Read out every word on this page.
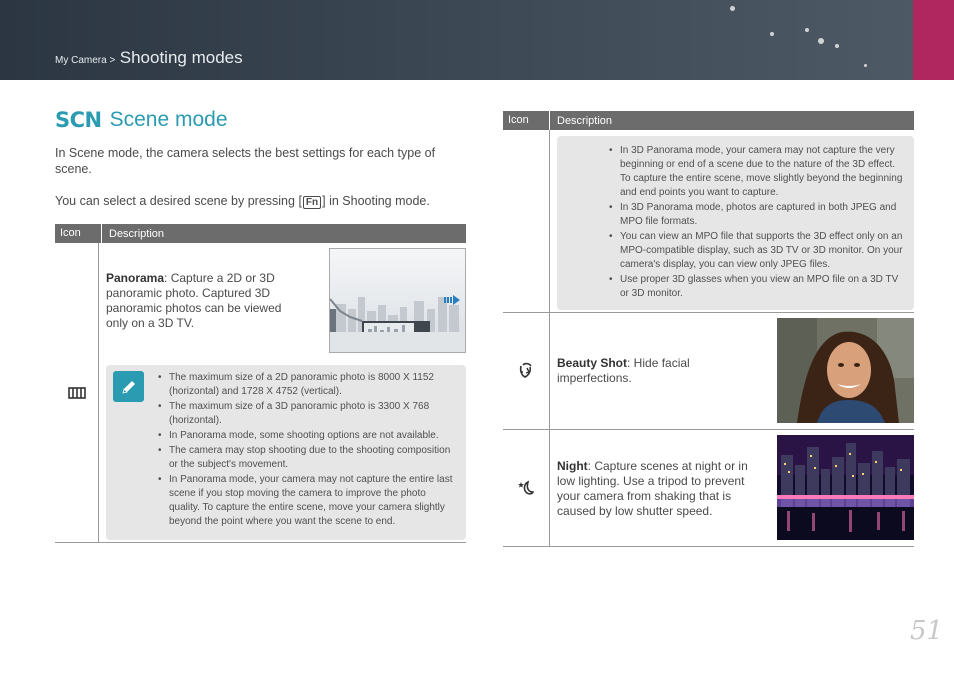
My Camera > Shooting modes
SCN Scene mode

In Scene mode, the camera selects the best settings for each type of scene.

You can select a desired scene by pressing [ Fn ] in Shooting mode.

Icon	Description

Panorama: Capture a 2D or 3D panoramic photo. Captured 3D panoramic photos can be viewed only on a 3D TV.

• The maximum size of a 2D panoramic photo is 8000 X 1152 (horizontal) and 1728 X 4752 (vertical).
• The maximum size of a 3D panoramic photo is 3300 X 768 (horizontal).
• In Panorama mode, some shooting options are not available.
• The camera may stop shooting due to the shooting composition or the subject's movement.
• In Panorama mode, your camera may not capture the entire last scene if you stop moving the camera to improve the photo quality. To capture the entire scene, move your camera slightly beyond the point where you want the scene to end.
Icon	Description
• In 3D Panorama mode, your camera may not capture the very beginning or end of a scene due to the nature of the 3D effect. To capture the entire scene, move slightly beyond the beginning and end points you want to capture.
• In 3D Panorama mode, photos are captured in both JPEG and MPO file formats.
• You can view an MPO file that supports the 3D effect only on an MPO-compatible display, such as 3D TV or 3D monitor. On your camera's display, you can view only JPEG files.
• Use proper 3D glasses when you view an MPO file on a 3D TV or 3D monitor.

Beauty Shot: Hide facial imperfections.

Night: Capture scenes at night or in low lighting. Use a tripod to prevent your camera from shaking that is caused by low shutter speed.

51
